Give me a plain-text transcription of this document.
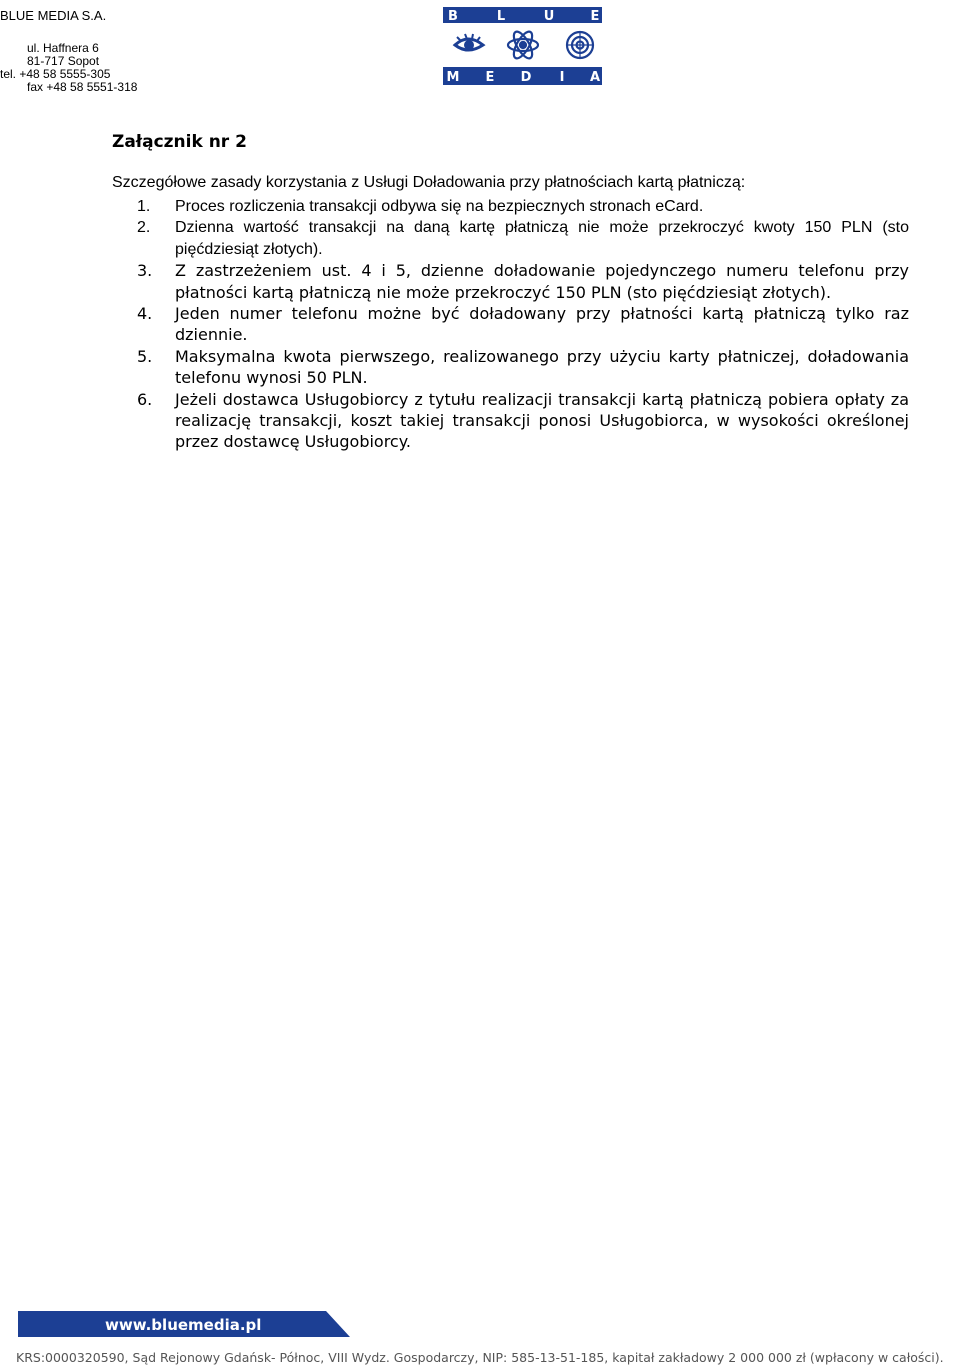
BLUE MEDIA S.A.
ul. Haffnera 6
81-717 Sopot
tel. +48 58 5555-305
fax +48 58 5551-318
B	L	U	E
M E D I A
Załącznik nr 2
Szczegółowe zasady korzystania z Usługi Doładowania przy płatnościach kartą płatniczą:
1. Proces rozliczenia transakcji odbywa się na bezpiecznych stronach eCard.
2. Dzienna wartość transakcji na daną kartę płatniczą nie może przekroczyć kwoty 150 PLN (sto pięćdziesiąt złotych).
3. Z zastrzeżeniem ust. 4 i 5, dzienne doładowanie pojedynczego numeru telefonu przy płatności kartą płatniczą nie może przekroczyć 150 PLN (sto pięćdziesiąt złotych).
4. Jeden numer telefonu możne być doładowany przy płatności kartą płatniczą tylko raz dziennie.
5. Maksymalna kwota pierwszego, realizowanego przy użyciu karty płatniczej, doładowania telefonu wynosi 50 PLN.
6. Jeżeli dostawca Usługobiorcy z tytułu realizacji transakcji kartą płatniczą pobiera opłaty za realizację transakcji, koszt takiej transakcji ponosi Usługobiorca, w wysokości określonej przez dostawcę Usługobiorcy.
www.bluemedia.pl
KRS:0000320590, Sąd Rejonowy Gdańsk- Północ, VIII Wydz. Gospodarczy, NIP: 585-13-51-185, kapitał zakładowy 2 000 000 zł (wpłacony w całości).
